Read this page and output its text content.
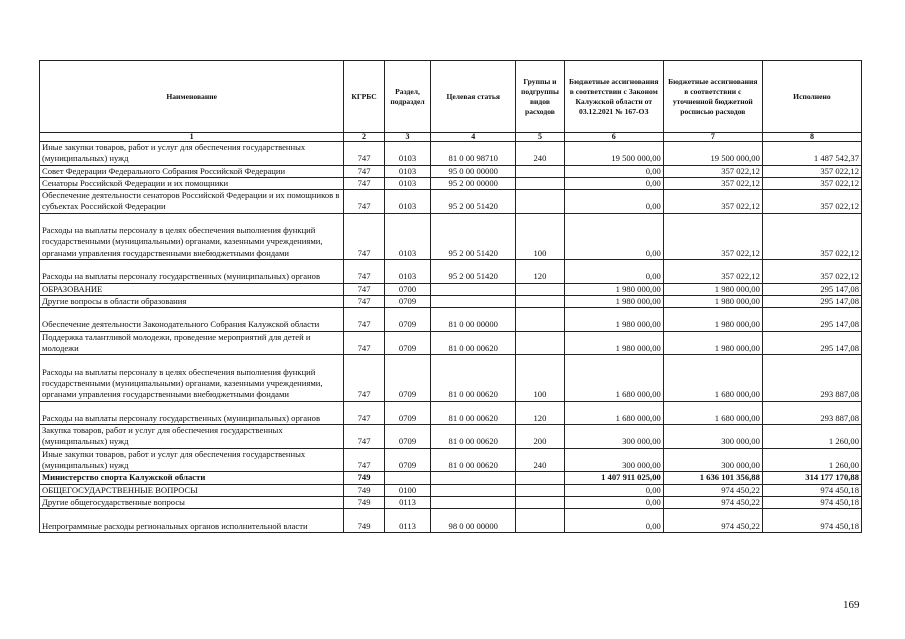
Наименование	КГРБС	Раздел, подраздел	Целевая статья	Группы и подгруппы видов расходов	Бюджетные ассигнования в соответствии с Законом Калужской области от 03.12.2021 № 167-ОЗ	Бюджетные ассигнования в соответствии с уточненной бюджетной росписью расходов	Исполнено
1	2	3	4	5	6	7	8
Иные закупки товаров, работ и услуг для обеспечения государственных (муниципальных) нужд	747	0103	81 0 00 98710	240	19 500 000,00	19 500 000,00	1 487 542,37
Совет Федерации Федерального Собрания Российской Федерации	747	0103	95 0 00 00000		0,00	357 022,12	357 022,12
Сенаторы Российской Федерации и их помощники	747	0103	95 2 00 00000		0,00	357 022,12	357 022,12
Обеспечение деятельности сенаторов Российской Федерации и их помощников в субъектах Российской Федерации	747	0103	95 2 00 51420		0,00	357 022,12	357 022,12
Расходы на выплаты персоналу в целях обеспечения выполнения функций государственными (муниципальными) органами, казенными учреждениями, органами управления государственными внебюджетными фондами	747	0103	95 2 00 51420	100	0,00	357 022,12	357 022,12
Расходы на выплаты персоналу государственных (муниципальных) органов	747	0103	95 2 00 51420	120	0,00	357 022,12	357 022,12
ОБРАЗОВАНИЕ	747	0700			1 980 000,00	1 980 000,00	295 147,08
Другие вопросы в области образования	747	0709			1 980 000,00	1 980 000,00	295 147,08
Обеспечение деятельности Законодательного Собрания Калужской области	747	0709	81 0 00 00000		1 980 000,00	1 980 000,00	295 147,08
Поддержка талантливой молодежи, проведение мероприятий для детей и молодежи	747	0709	81 0 00 00620		1 980 000,00	1 980 000,00	295 147,08
Расходы на выплаты персоналу в целях обеспечения выполнения функций государственными (муниципальными) органами, казенными учреждениями, органами управления государственными внебюджетными фондами	747	0709	81 0 00 00620	100	1 680 000,00	1 680 000,00	293 887,08
Расходы на выплаты персоналу государственных (муниципальных) органов	747	0709	81 0 00 00620	120	1 680 000,00	1 680 000,00	293 887,08
Закупка товаров, работ и услуг для обеспечения государственных (муниципальных) нужд	747	0709	81 0 00 00620	200	300 000,00	300 000,00	1 260,00
Иные закупки товаров, работ и услуг для обеспечения государственных (муниципальных) нужд	747	0709	81 0 00 00620	240	300 000,00	300 000,00	1 260,00
Министерство спорта Калужской области	749				1 407 911 025,00	1 636 101 356,88	314 177 170,88
ОБЩЕГОСУДАРСТВЕННЫЕ ВОПРОСЫ	749	0100			0,00	974 450,22	974 450,18
Другие общегосударственные вопросы	749	0113			0,00	974 450,22	974 450,18
Непрограммные расходы региональных органов исполнительной власти	749	0113	98 0 00 00000		0,00	974 450,22	974 450,18
169
